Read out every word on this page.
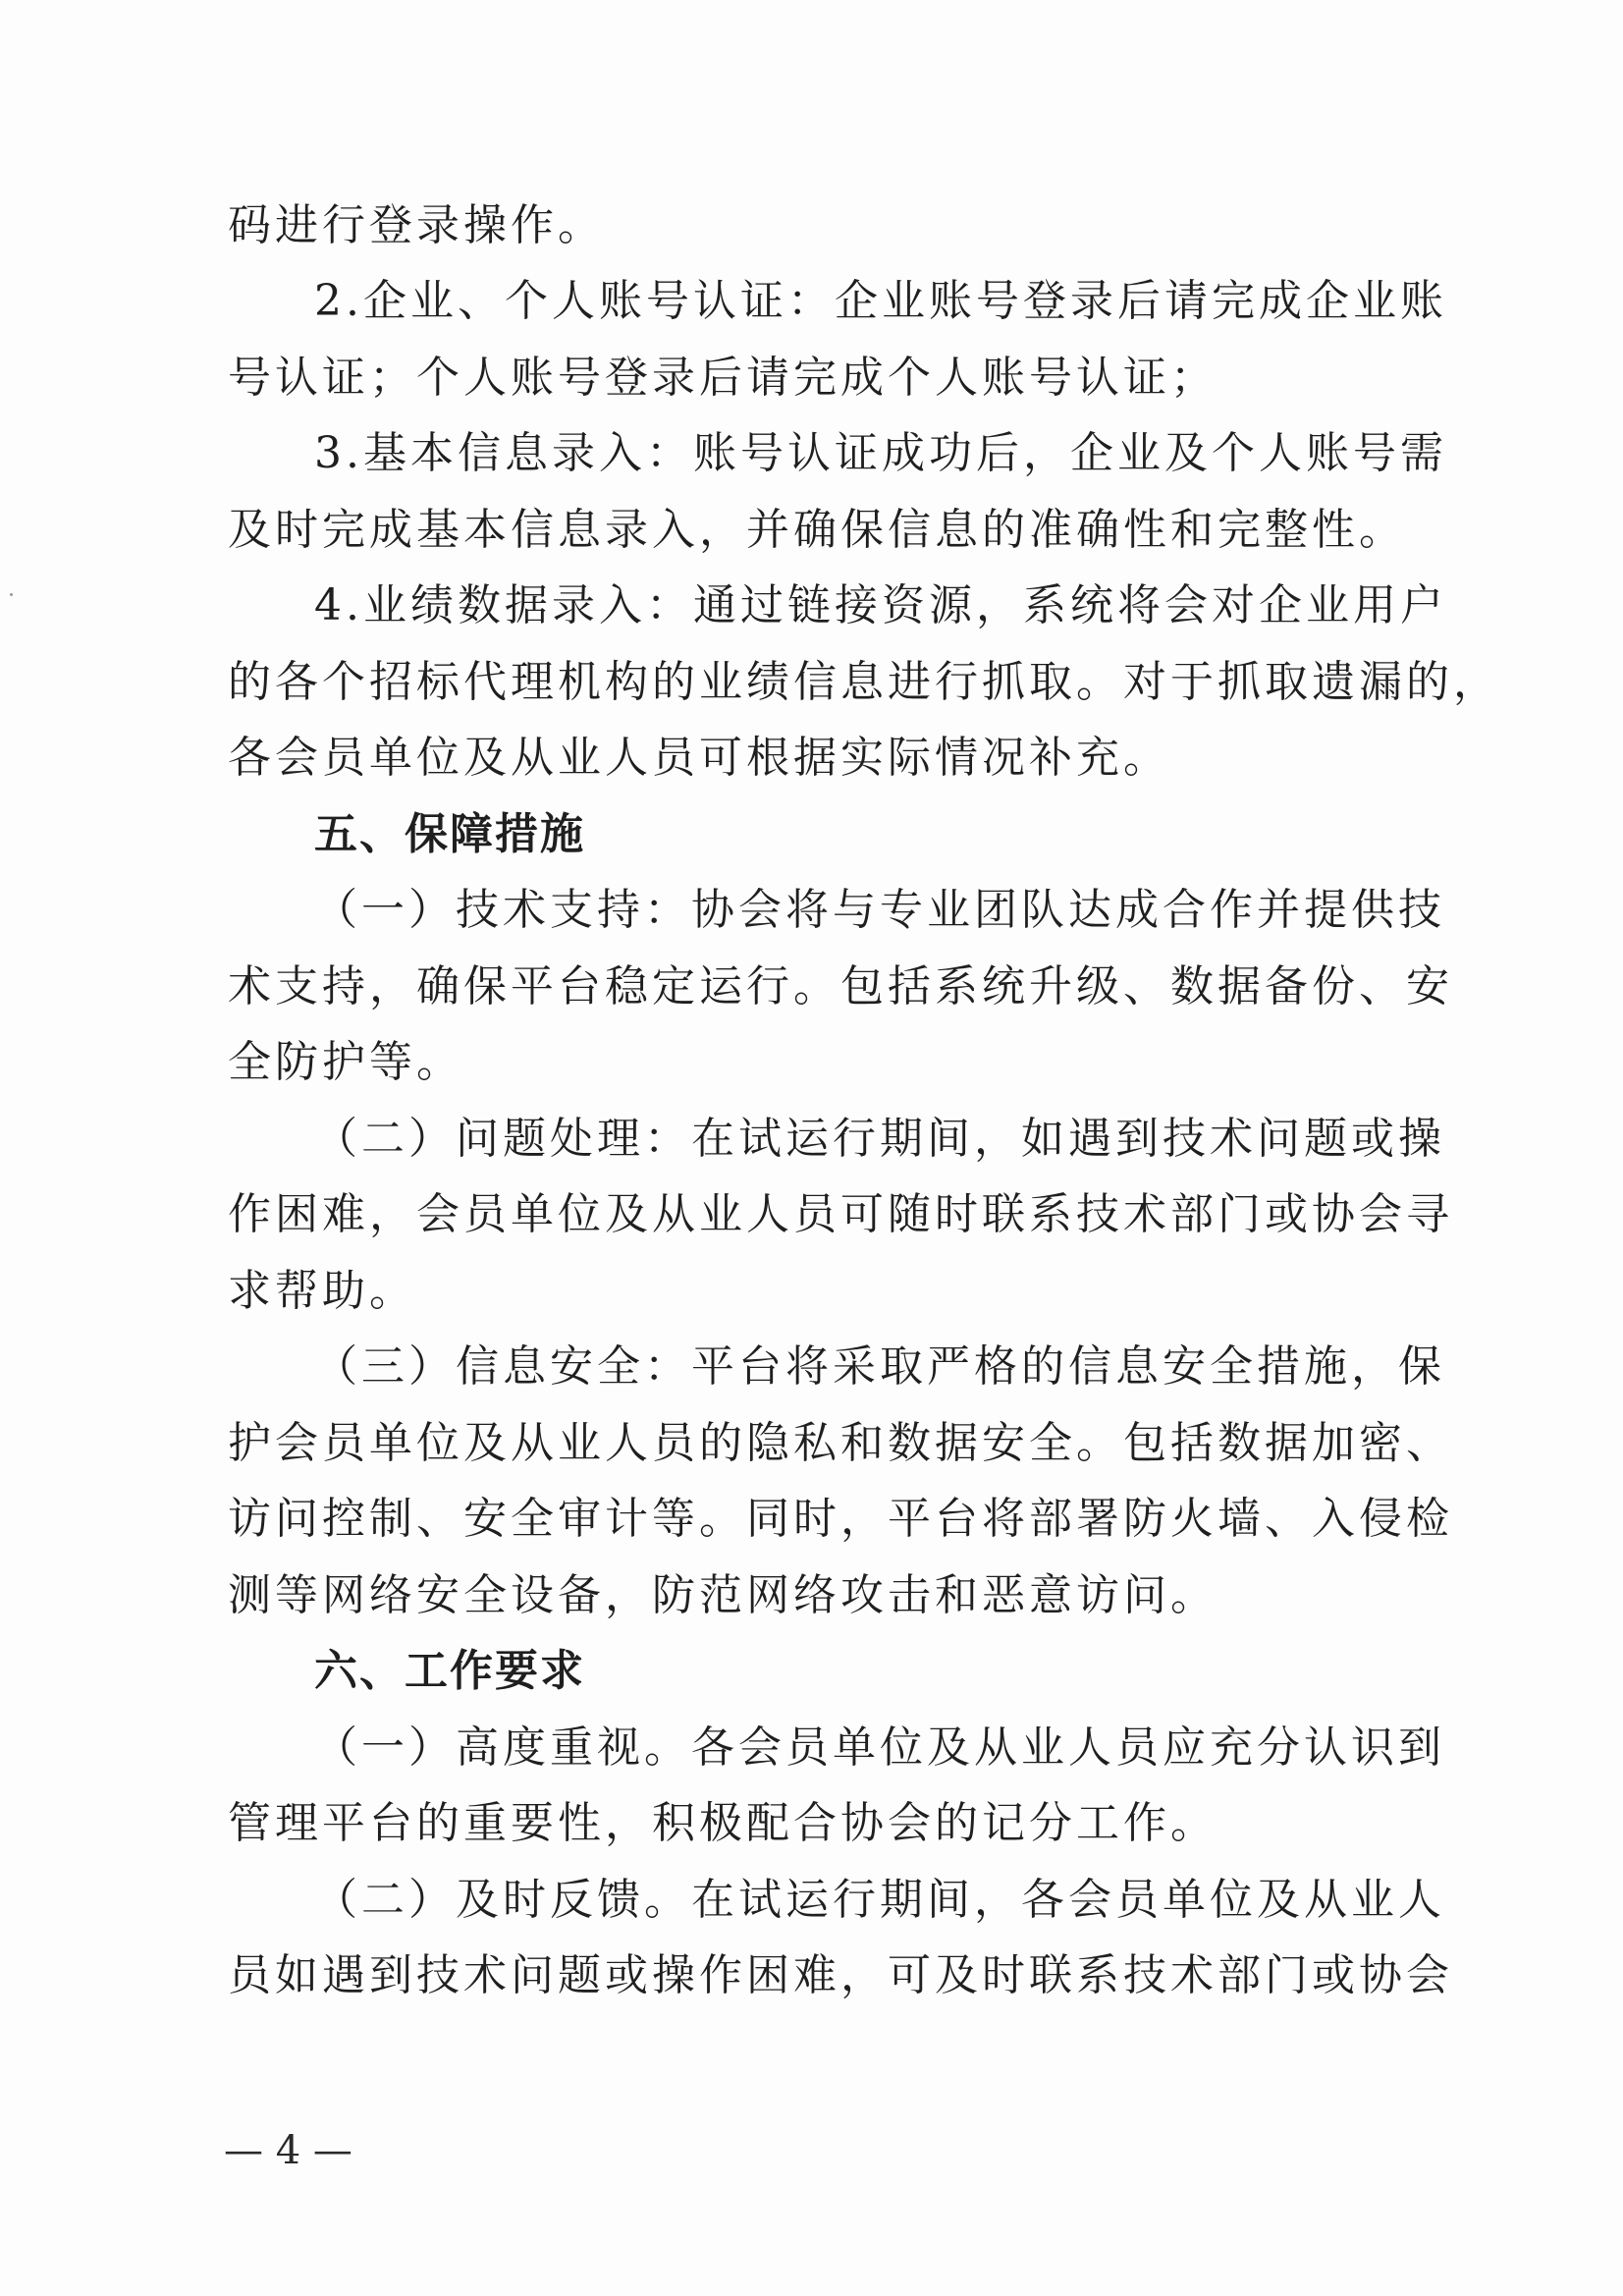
码进行登录操作。
2.企业、个人账号认证：企业账号登录后请完成企业账
号认证；个人账号登录后请完成个人账号认证；
3.基本信息录入：账号认证成功后，企业及个人账号需
及时完成基本信息录入，并确保信息的准确性和完整性。
4.业绩数据录入：通过链接资源，系统将会对企业用户
的各个招标代理机构的业绩信息进行抓取。对于抓取遗漏的，
各会员单位及从业人员可根据实际情况补充。
五、保障措施
（一）技术支持：协会将与专业团队达成合作并提供技
术支持，确保平台稳定运行。包括系统升级、数据备份、安
全防护等。
（二）问题处理：在试运行期间，如遇到技术问题或操
作困难，会员单位及从业人员可随时联系技术部门或协会寻
求帮助。
（三）信息安全：平台将采取严格的信息安全措施，保
护会员单位及从业人员的隐私和数据安全。包括数据加密、
访问控制、安全审计等。同时，平台将部署防火墙、入侵检
测等网络安全设备，防范网络攻击和恶意访问。
六、工作要求
（一）高度重视。各会员单位及从业人员应充分认识到
管理平台的重要性，积极配合协会的记分工作。
（二）及时反馈。在试运行期间，各会员单位及从业人
员如遇到技术问题或操作困难，可及时联系技术部门或协会
— 4 —
